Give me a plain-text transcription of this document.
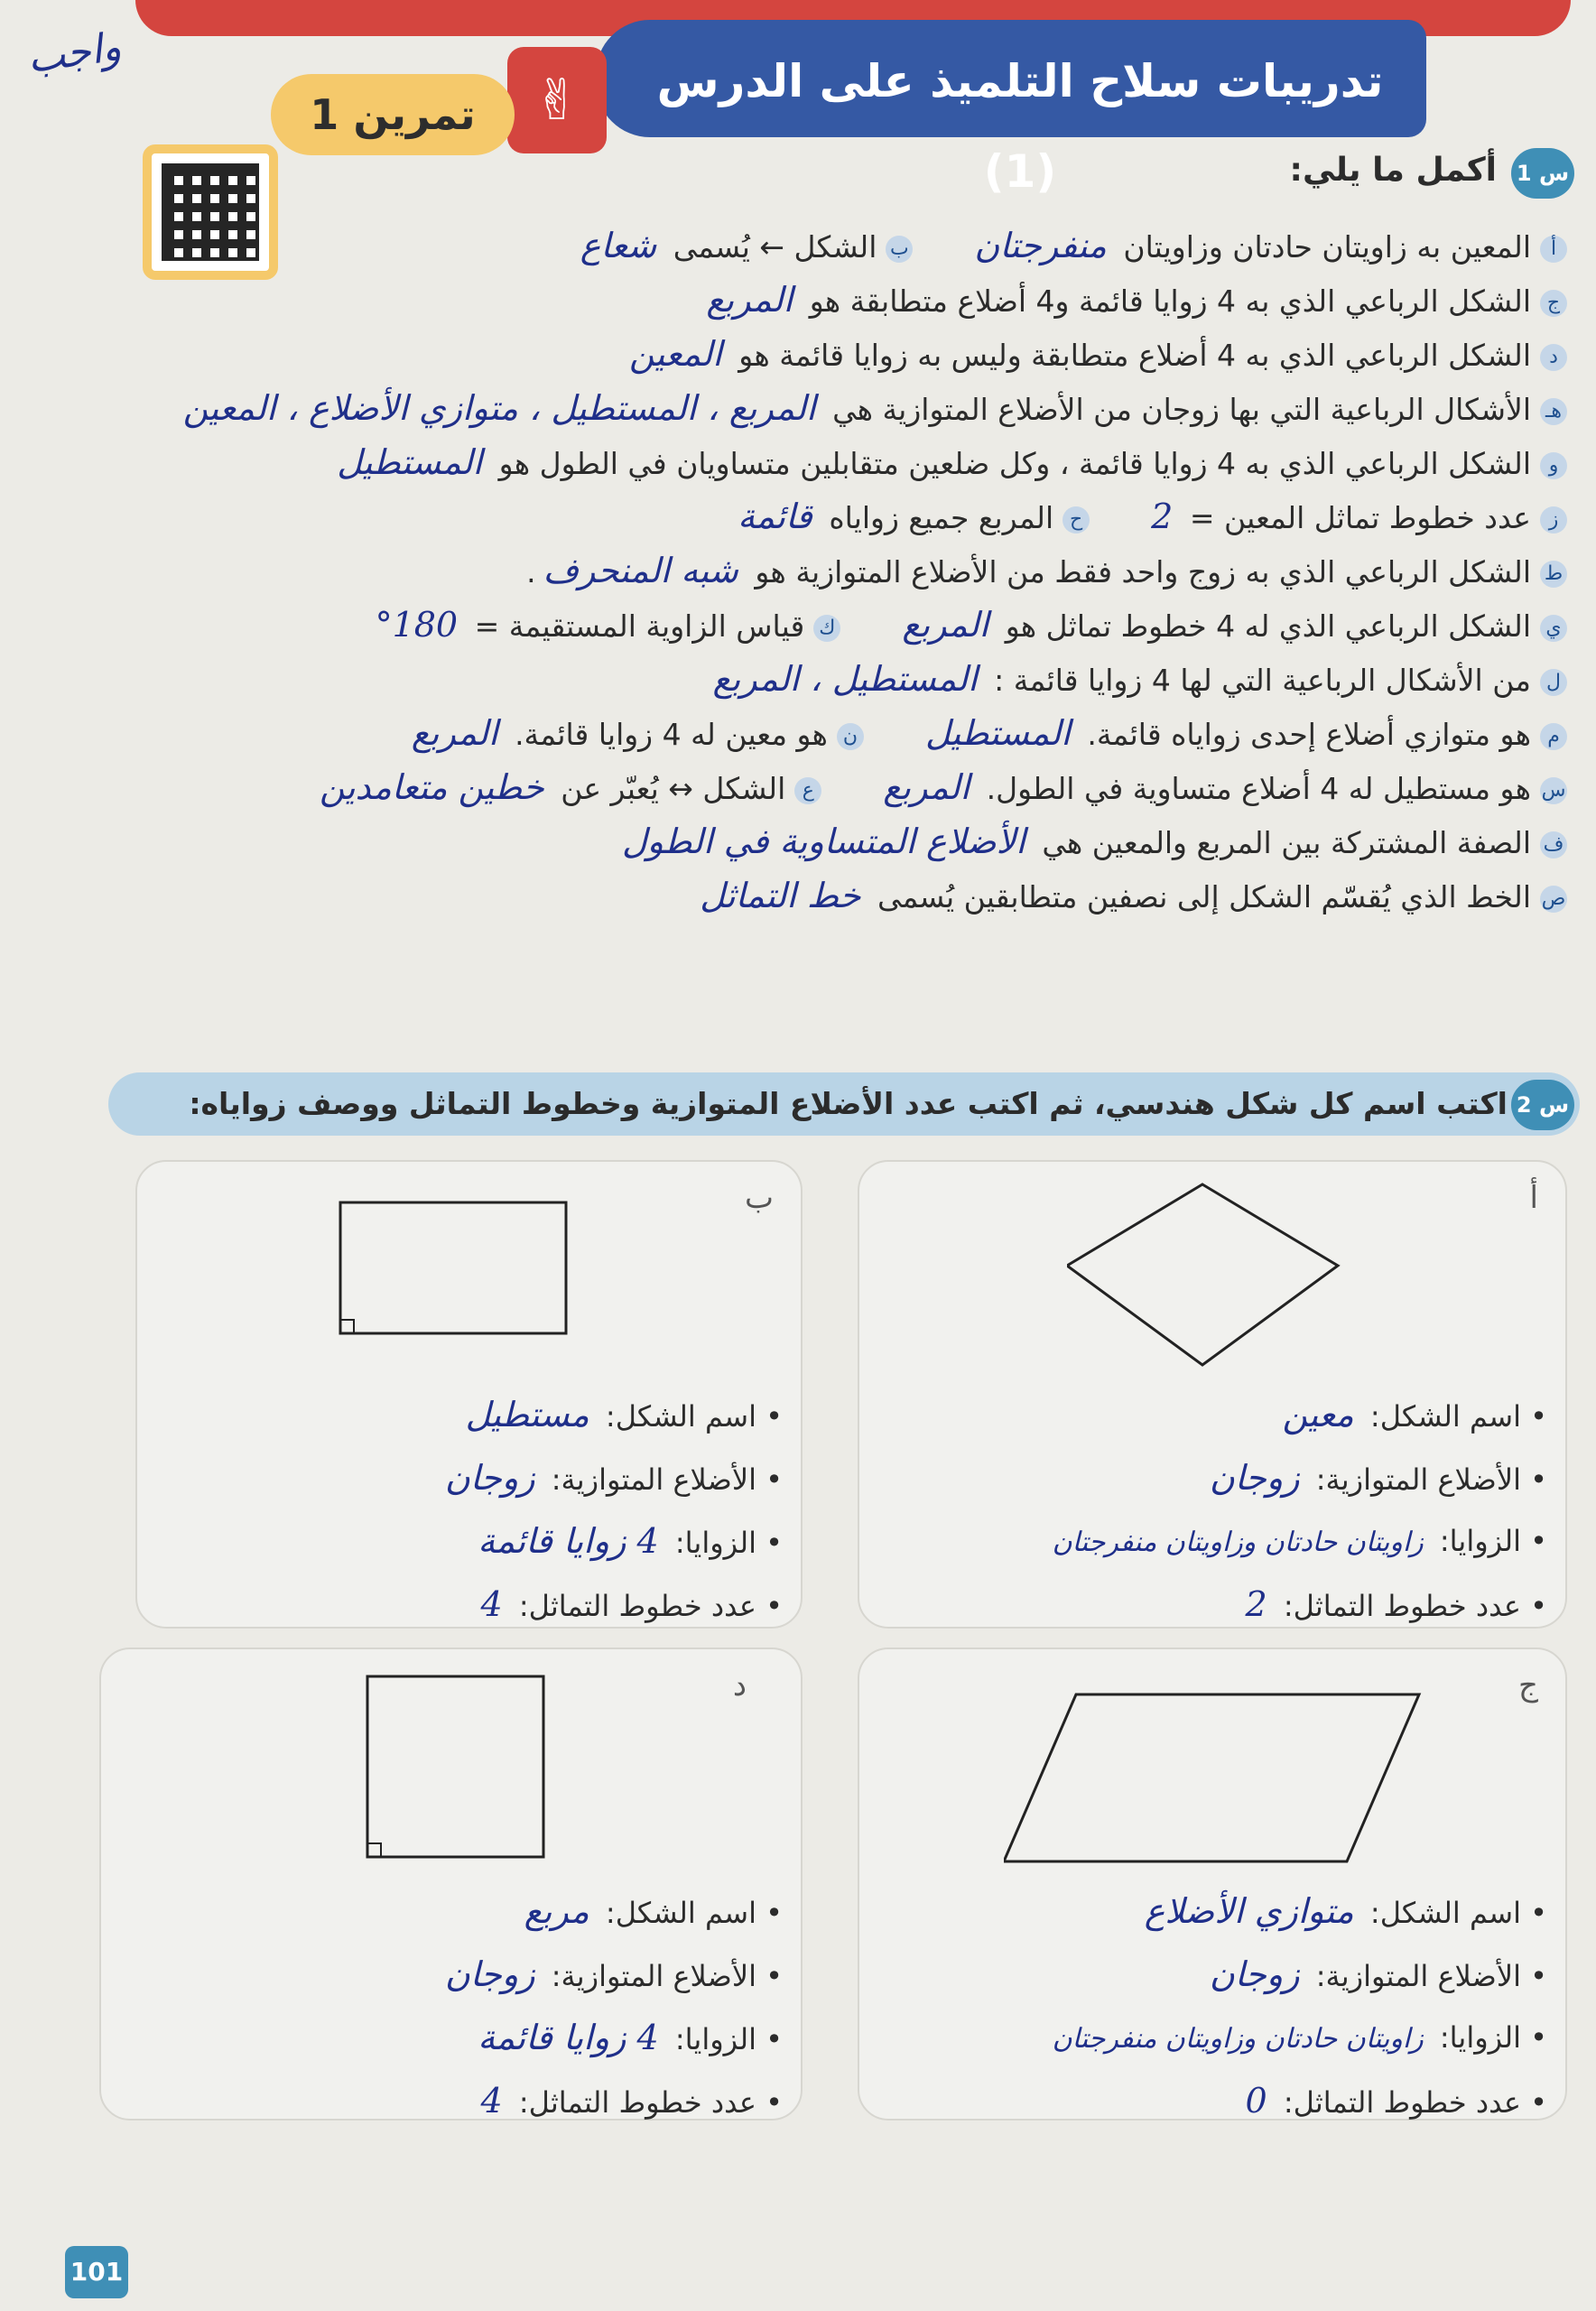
واجب	تدريبات سلاح التلميذ على الدرس (1)
✌
تمرين 1
س 1
أكمل ما يلي:
أالمعين به زاويتان حادتان وزاويتان منفرجتانبالشكل ← يُسمى شعاع
جالشكل الرباعي الذي به 4 زوايا قائمة و4 أضلاع متطابقة هو المربع
دالشكل الرباعي الذي به 4 أضلاع متطابقة وليس به زوايا قائمة هو المعين
هـالأشكال الرباعية التي بها زوجان من الأضلاع المتوازية هي المربع ، المستطيل ، متوازي الأضلاع ، المعين
والشكل الرباعي الذي به 4 زوايا قائمة ، وكل ضلعين متقابلين متساويان في الطول هو المستطيل
زعدد خطوط تماثل المعين = 2حالمربع جميع زواياه قائمة
طالشكل الرباعي الذي به زوج واحد فقط من الأضلاع المتوازية هو شبه المنحرف.
يالشكل الرباعي الذي له 4 خطوط تماثل هو المربعكقياس الزاوية المستقيمة = 180°
لمن الأشكال الرباعية التي لها 4 زوايا قائمة : المستطيل ، المربع
مهو متوازي أضلاع إحدى زواياه قائمة. المستطيلنهو معين له 4 زوايا قائمة. المربع
سهو مستطيل له 4 أضلاع متساوية في الطول. المربععالشكل ↔ يُعبّر عن خطين متعامدين
فالصفة المشتركة بين المربع والمعين هي الأضلاع المتساوية في الطول
صالخط الذي يُقسّم الشكل إلى نصفين متطابقين يُسمى خط التماثل
س 2
اكتب اسم كل شكل هندسي، ثم اكتب عدد الأضلاع المتوازية وخطوط التماثل ووصف زواياه:
أ
• اسم الشكل: معين
• الأضلاع المتوازية: زوجان
• الزوايا: زاويتان حادتان وزاويتان منفرجتان
• عدد خطوط التماثل: 2
ب
• اسم الشكل: مستطيل
• الأضلاع المتوازية: زوجان
• الزوايا: 4 زوايا قائمة
• عدد خطوط التماثل: 4
ج
• اسم الشكل: متوازي الأضلاع
• الأضلاع المتوازية: زوجان
• الزوايا: زاويتان حادتان وزاويتان منفرجتان
• عدد خطوط التماثل: 0
د
• اسم الشكل: مربع
• الأضلاع المتوازية: زوجان
• الزوايا: 4 زوايا قائمة
• عدد خطوط التماثل: 4
101
